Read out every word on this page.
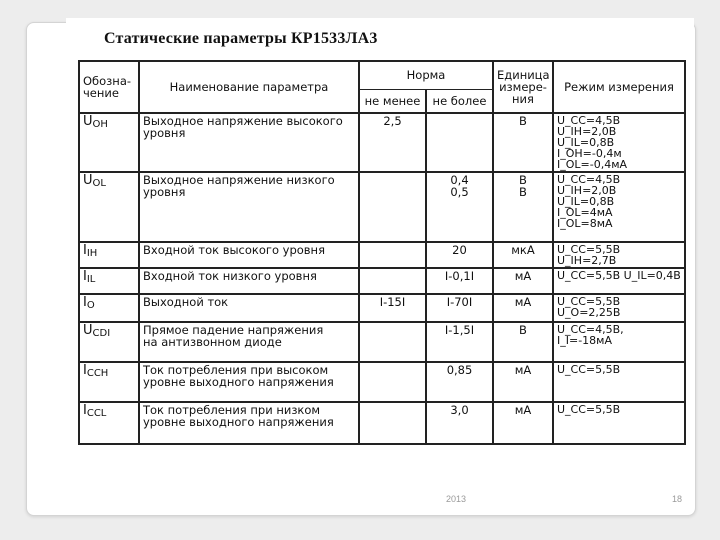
Статические параметры КР1533ЛА3
Обозна-
чение	Наименование параметра	Норма		Единица
измере-
ния	Режим измерения
		не менее	не более		
$U_{OH}$	Выходное напряжение высокого
уровня	2,5		В	U_CC=4,5В U_IH=2,0В
U_IL=0,8В I_OH=-0,4м
I_OL=-0,4мА
$U_{OL}$	Выходное напряжение низкого
уровня		0,4
0,5	В
В	U_CC=4,5В U_IH=2,0В
U_IL=0,8В
I_OL=4мА
I_OL=8мА
$I_{IH}$	Входной ток высокого уровня		20	мкА	U_CC=5,5В U_IH=2,7В
$I_{IL}$	Входной ток низкого уровня		I-0,1I	мА	U_CC=5,5В U_IL=0,4В
$I_O$	Выходной ток	I-15I	I-70I	мА	U_CC=5,5В U_O=2,25В
$U_{CDI}$	Прямое падение напряжения
на антизвонном диоде		I-1,5I	В	U_CC=4,5В,
I_I=-18мА
$I_{CCH}$	Ток потребления при высоком
уровне выходного напряжения		0,85	мА	U_CC=5,5В
$I_{CCL}$	Ток потребления при низком
уровне выходного напряжения		3,0	мА	U_CC=5,5В
2013	18
